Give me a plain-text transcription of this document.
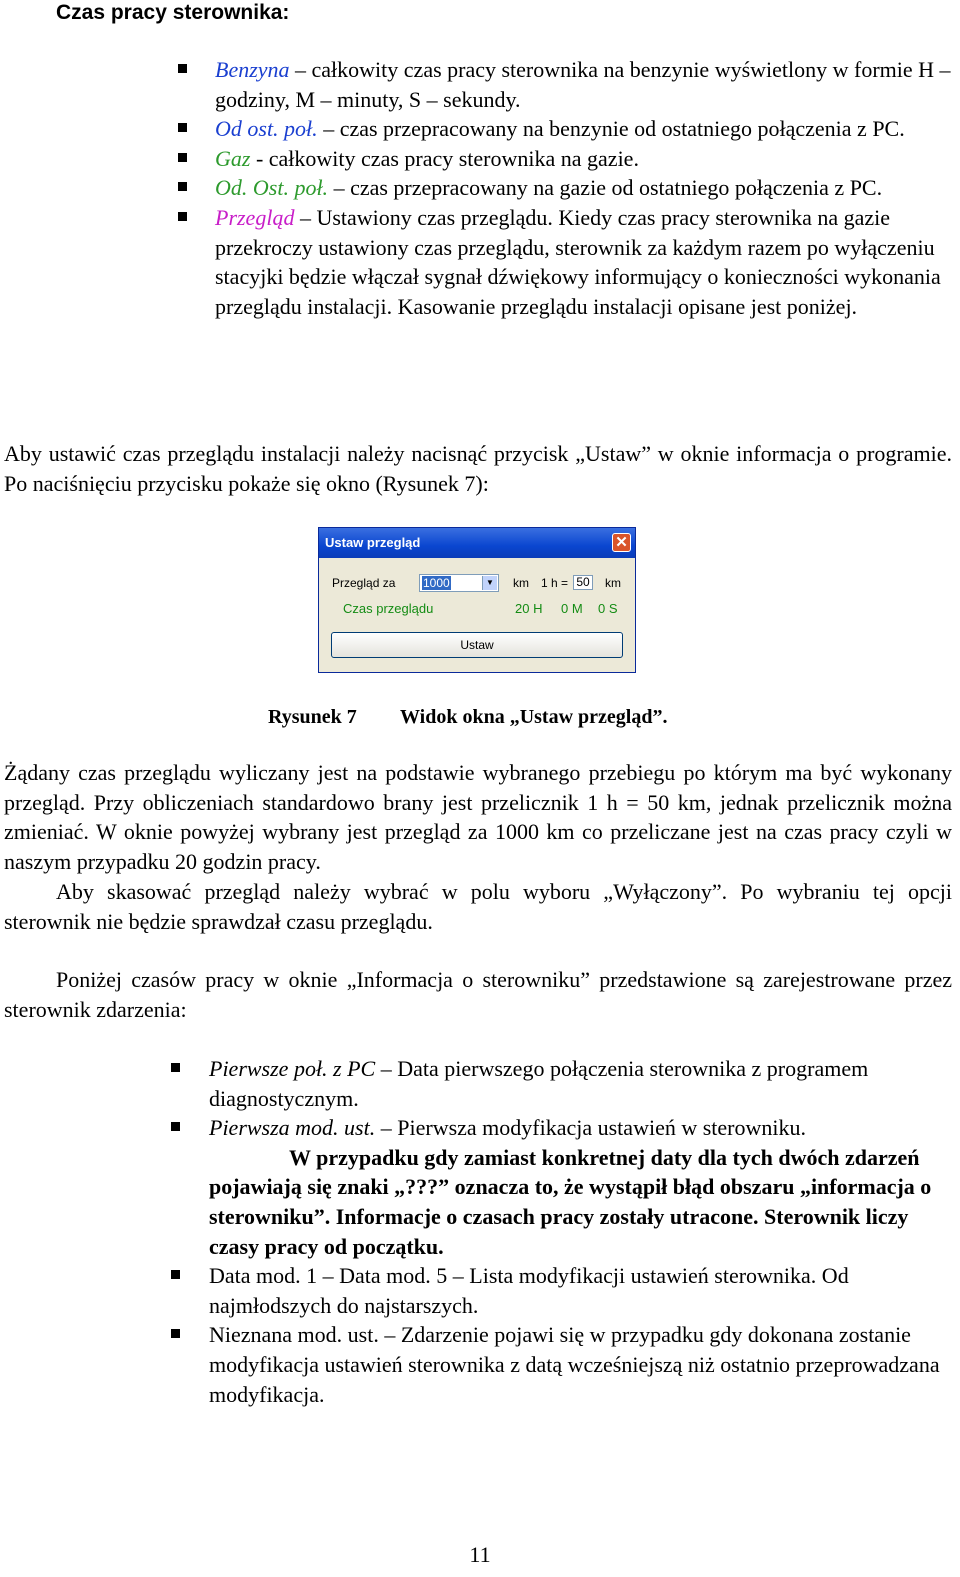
Czas pracy sterownika:
Benzyna – całkowity czas pracy sterownika na benzynie wyświetlony w formie H – godziny, M – minuty, S – sekundy.
Od ost. poł. – czas przepracowany na benzynie od ostatniego połączenia z PC.
Gaz - całkowity czas pracy sterownika na gazie.
Od. Ost. poł. – czas przepracowany na gazie od ostatniego połączenia z PC.
Przegląd – Ustawiony czas przeglądu. Kiedy czas pracy sterownika na gazie przekroczy ustawiony czas przeglądu, sterownik za każdym razem po wyłączeniu stacyjki będzie włączał sygnał dźwiękowy informujący o konieczności wykonania przeglądu instalacji. Kasowanie przeglądu instalacji opisane jest poniżej.
Aby ustawić czas przeglądu instalacji należy nacisnąć przycisk „Ustaw” w oknie informacja o programie. Po naciśnięciu przycisku pokaże się okno (Rysunek 7):
Ustaw przegląd	✕
Przegląd za 1000	▼ km 1 h = 50 km
Czas przeglądu	20 H 0 M 0 S
Ustaw
Rysunek 7 Widok okna „Ustaw przegląd”.
Żądany czas przeglądu wyliczany jest na podstawie wybranego przebiegu po którym ma być wykonany przegląd. Przy obliczeniach standardowo brany jest przelicznik 1 h = 50 km, jednak przelicznik można zmieniać. W oknie powyżej wybrany jest przegląd za 1000 km co przeliczane jest na czas pracy czyli w naszym przypadku 20 godzin pracy.
Aby skasować przegląd należy wybrać w polu wyboru „Wyłączony”. Po wybraniu tej opcji sterownik nie będzie sprawdzał czasu przeglądu.
Poniżej czasów pracy w oknie „Informacja o sterowniku” przedstawione są zarejestrowane przez sterownik zdarzenia:
Pierwsze poł. z PC – Data pierwszego połączenia sterownika z programem diagnostycznym.
Pierwsza mod. ust. – Pierwsza modyfikacja ustawień w sterowniku.
W przypadku gdy zamiast konkretnej daty dla tych dwóch zdarzeń pojawiają się znaki „???” oznacza to, że wystąpił błąd obszaru „informacja o sterowniku”. Informacje o czasach pracy zostały utracone. Sterownik liczy czasy pracy od początku.
Data mod. 1 – Data mod. 5 – Lista modyfikacji ustawień sterownika. Od najmłodszych do najstarszych.
Nieznana mod. ust. – Zdarzenie pojawi się w przypadku gdy dokonana zostanie modyfikacja ustawień sterownika z datą wcześniejszą niż ostatnio przeprowadzana modyfikacja.
11
